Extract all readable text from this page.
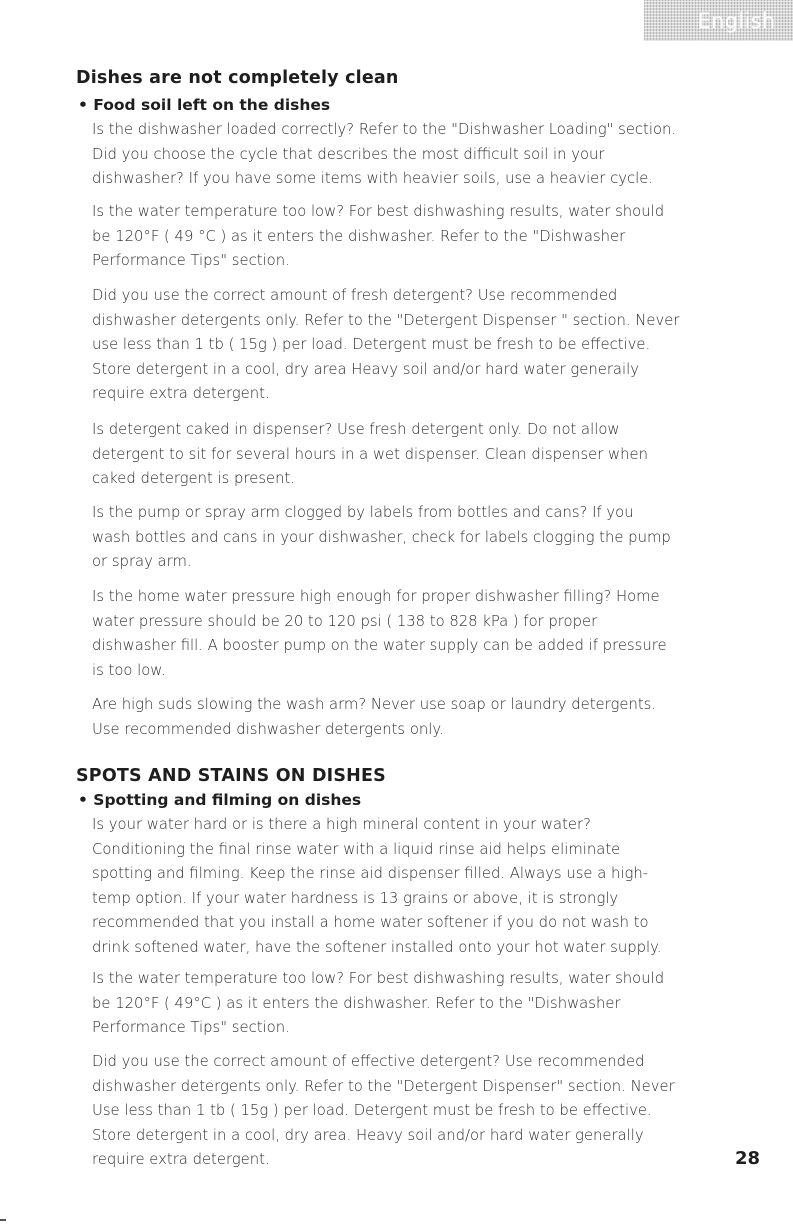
English
Dishes are not completely clean
• Food soil left on the dishes

Is the dishwasher loaded correctly? Refer to the "Dishwasher Loading" section.
Did you choose the cycle that describes the most difficult soil in your
dishwasher? If you have some items with heavier soils, use a heavier cycle.

Is the water temperature too low? For best dishwashing results, water should
be 120°F ( 49 °C ) as it enters the dishwasher. Refer to the "Dishwasher
Performance Tips" section.

Did you use the correct amount of fresh detergent? Use recommended
dishwasher detergents only. Refer to the "Detergent Dispenser " section. Never
use less than 1 tb ( 15g ) per load. Detergent must be fresh to be effective.
Store detergent in a cool, dry area Heavy soil and/or hard water generaily
require extra detergent.

Is detergent caked in dispenser? Use fresh detergent only. Do not allow
detergent to sit for several hours in a wet dispenser. Clean dispenser when
caked detergent is present.

Is the pump or spray arm clogged by labels from bottles and cans? If you
wash bottles and cans in your dishwasher, check for labels clogging the pump
or spray arm.

Is the home water pressure high enough for proper dishwasher filling? Home
water pressure should be 20 to 120 psi ( 138 to 828 kPa ) for proper
dishwasher fill. A booster pump on the water supply can be added if pressure
is too low.

Are high suds slowing the wash arm? Never use soap or laundry detergents.
Use recommended dishwasher detergents only.

SPOTS AND STAINS ON DISHES
• Spotting and filming on dishes

Is your water hard or is there a high mineral content in your water?
Conditioning the final rinse water with a liquid rinse aid helps eliminate
spotting and filming. Keep the rinse aid dispenser filled. Always use a high-
temp option. If your water hardness is 13 grains or above, it is strongly
recommended that you install a home water softener if you do not wash to
drink softened water, have the softener installed onto your hot water supply.

Is the water temperature too low? For best dishwashing results, water should
be 120°F ( 49°C ) as it enters the dishwasher. Refer to the "Dishwasher
Performance Tips" section.

Did you use the correct amount of effective detergent? Use recommended
dishwasher detergents only. Refer to the "Detergent Dispenser" section. Never
Use less than 1 tb ( 15g ) per load. Detergent must be fresh to be effective.
Store detergent in a cool, dry area. Heavy soil and/or hard water generally
require extra detergent.	28
